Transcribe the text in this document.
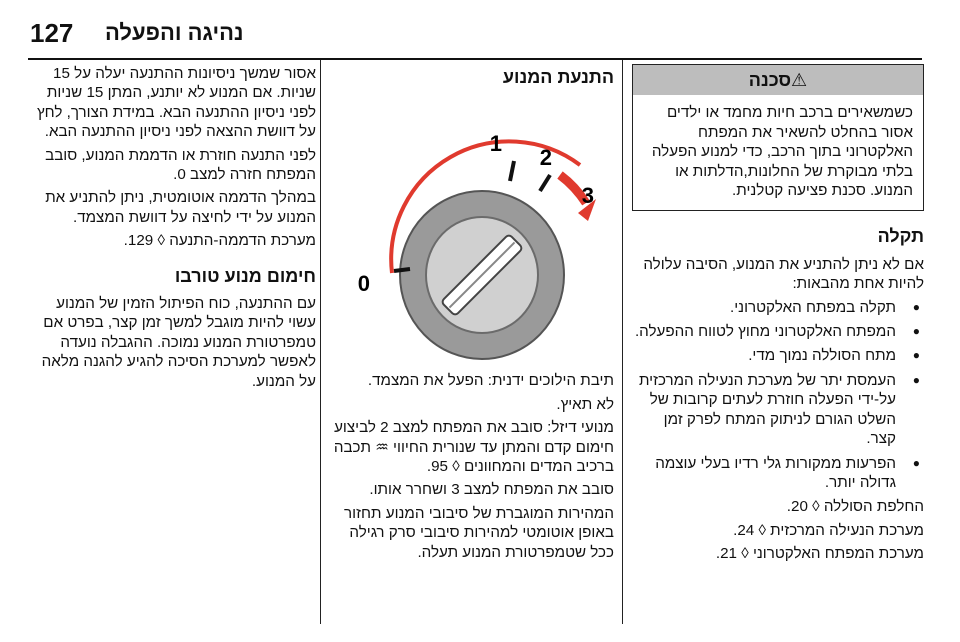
127 נהיגה והפעלה
⚠סכנה
כשמשאירים ברכב חיות מחמד או ילדים אסור בהחלט להשאיר את המפתח האלקטרוני בתוך הרכב, כדי למנוע הפעלה בלתי מבוקרת של החלונות,הדלתות או המנוע. סכנת פציעה קטלנית.
תקלה

אם לא ניתן להתניע את המנוע, הסיבה עלולה להיות אחת מהבאות:

● תקלה במפתח האלקטרוני.
● המפתח האלקטרוני מחוץ לטווח ההפעלה.
● מתח הסוללה נמוך מדי.
● העמסת יתר של מערכת הנעילה המרכזית על-ידי הפעלה חוזרת לעתים קרובות של השלט הגורם לניתוק המתח לפרק זמן קצר.
● הפרעות ממקורות גלי רדיו בעלי עוצמה גדולה יותר.

החלפת הסוללה ◊ 20.

מערכת הנעילה המרכזית ◊ 24.

מערכת המפתח האלקטרוני ◊ 21.

התנעת המנוע
0
1
2
3

תיבת הילוכים ידנית: הפעל את המצמד.

לא תאיץ.

מנועי דיזל: סובב את המפתח למצב 2 לביצוע חימום קדם והמתן עד שנורית החיווי ♒ תכבה ברכיב המדים והמחוונים ◊ 95.

סובב את המפתח למצב 3 ושחרר אותו.

המהירות המוגברת של סיבובי המנוע תחזור באופן אוטומטי למהירות סיבובי סרק רגילה ככל שטמפרטורת המנוע תעלה.

אסור שמשך ניסיונות ההתנעה יעלה על 15 שניות. אם המנוע לא יותנע, המתן 15 שניות לפני ניסיון ההתנעה הבא. במידת הצורך, לחץ על דוושת ההצאה לפני ניסיון ההתנעה הבא.

לפני התנעה חוזרת או הדממת המנוע, סובב המפתח חזרה למצב 0.

במהלך הדממה אוטומטית, ניתן להתניע את המנוע על ידי לחיצה על דוושת המצמד.

מערכת הדממה-התנעה ◊ 129.

חימום מנוע טורבו

עם ההתנעה, כוח הפיתול הזמין של המנוע עשוי להיות מוגבל למשך זמן קצר, בפרט אם טמפרטורת המנוע נמוכה. ההגבלה נועדה לאפשר למערכת הסיכה להגיע להגנה מלאה על המנוע.
